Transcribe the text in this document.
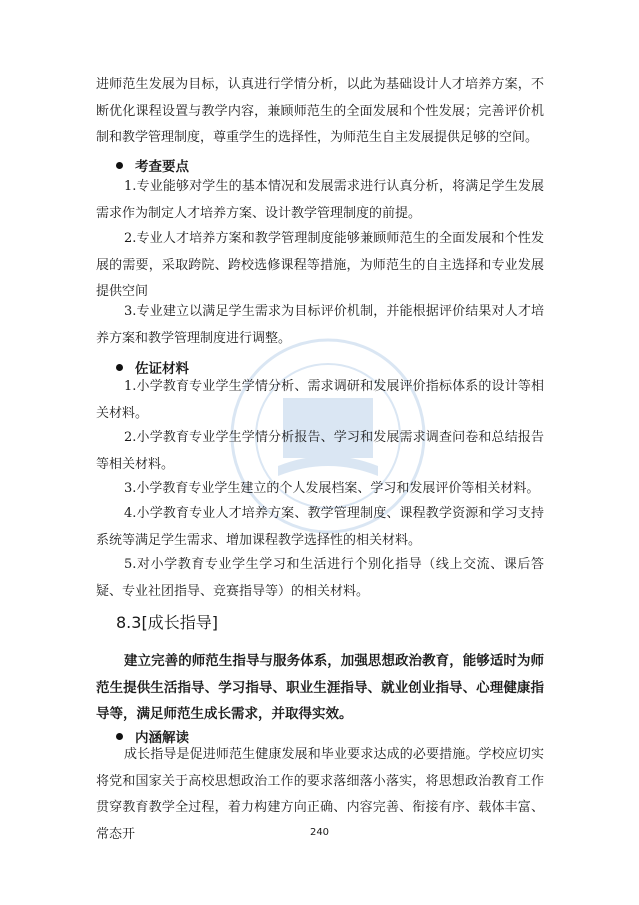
进师范生发展为目标，认真进行学情分析，以此为基础设计人才培养方案，不断优化课程设置与教学内容，兼顾师范生的全面发展和个性发展；完善评价机制和教学管理制度，尊重学生的选择性，为师范生自主发展提供足够的空间。

考查要点

1.专业能够对学生的基本情况和发展需求进行认真分析，将满足学生发展需求作为制定人才培养方案、设计教学管理制度的前提。

2.专业人才培养方案和教学管理制度能够兼顾师范生的全面发展和个性发展的需要，采取跨院、跨校选修课程等措施，为师范生的自主选择和专业发展提供空间

3.专业建立以满足学生需求为目标评价机制，并能根据评价结果对人才培养方案和教学管理制度进行调整。

佐证材料

1.小学教育专业学生学情分析、需求调研和发展评价指标体系的设计等相关材料。

2.小学教育专业学生学情分析报告、学习和发展需求调查问卷和总结报告等相关材料。

3.小学教育专业学生建立的个人发展档案、学习和发展评价等相关材料。

4.小学教育专业人才培养方案、教学管理制度、课程教学资源和学习支持系统等满足学生需求、增加课程教学选择性的相关材料。

5.对小学教育专业学生学习和生活进行个别化指导（线上交流、课后答疑、专业社团指导、竞赛指导等）的相关材料。

8.3[成长指导]

建立完善的师范生指导与服务体系，加强思想政治教育，能够适时为师范生提供生活指导、学习指导、职业生涯指导、就业创业指导、心理健康指导等，满足师范生成长需求，并取得实效。

内涵解读

成长指导是促进师范生健康发展和毕业要求达成的必要措施。学校应切实将党和国家关于高校思想政治工作的要求落细落小落实，将思想政治教育工作贯穿教育教学全过程，着力构建方向正确、内容完善、衔接有序、载体丰富、常态开	240
